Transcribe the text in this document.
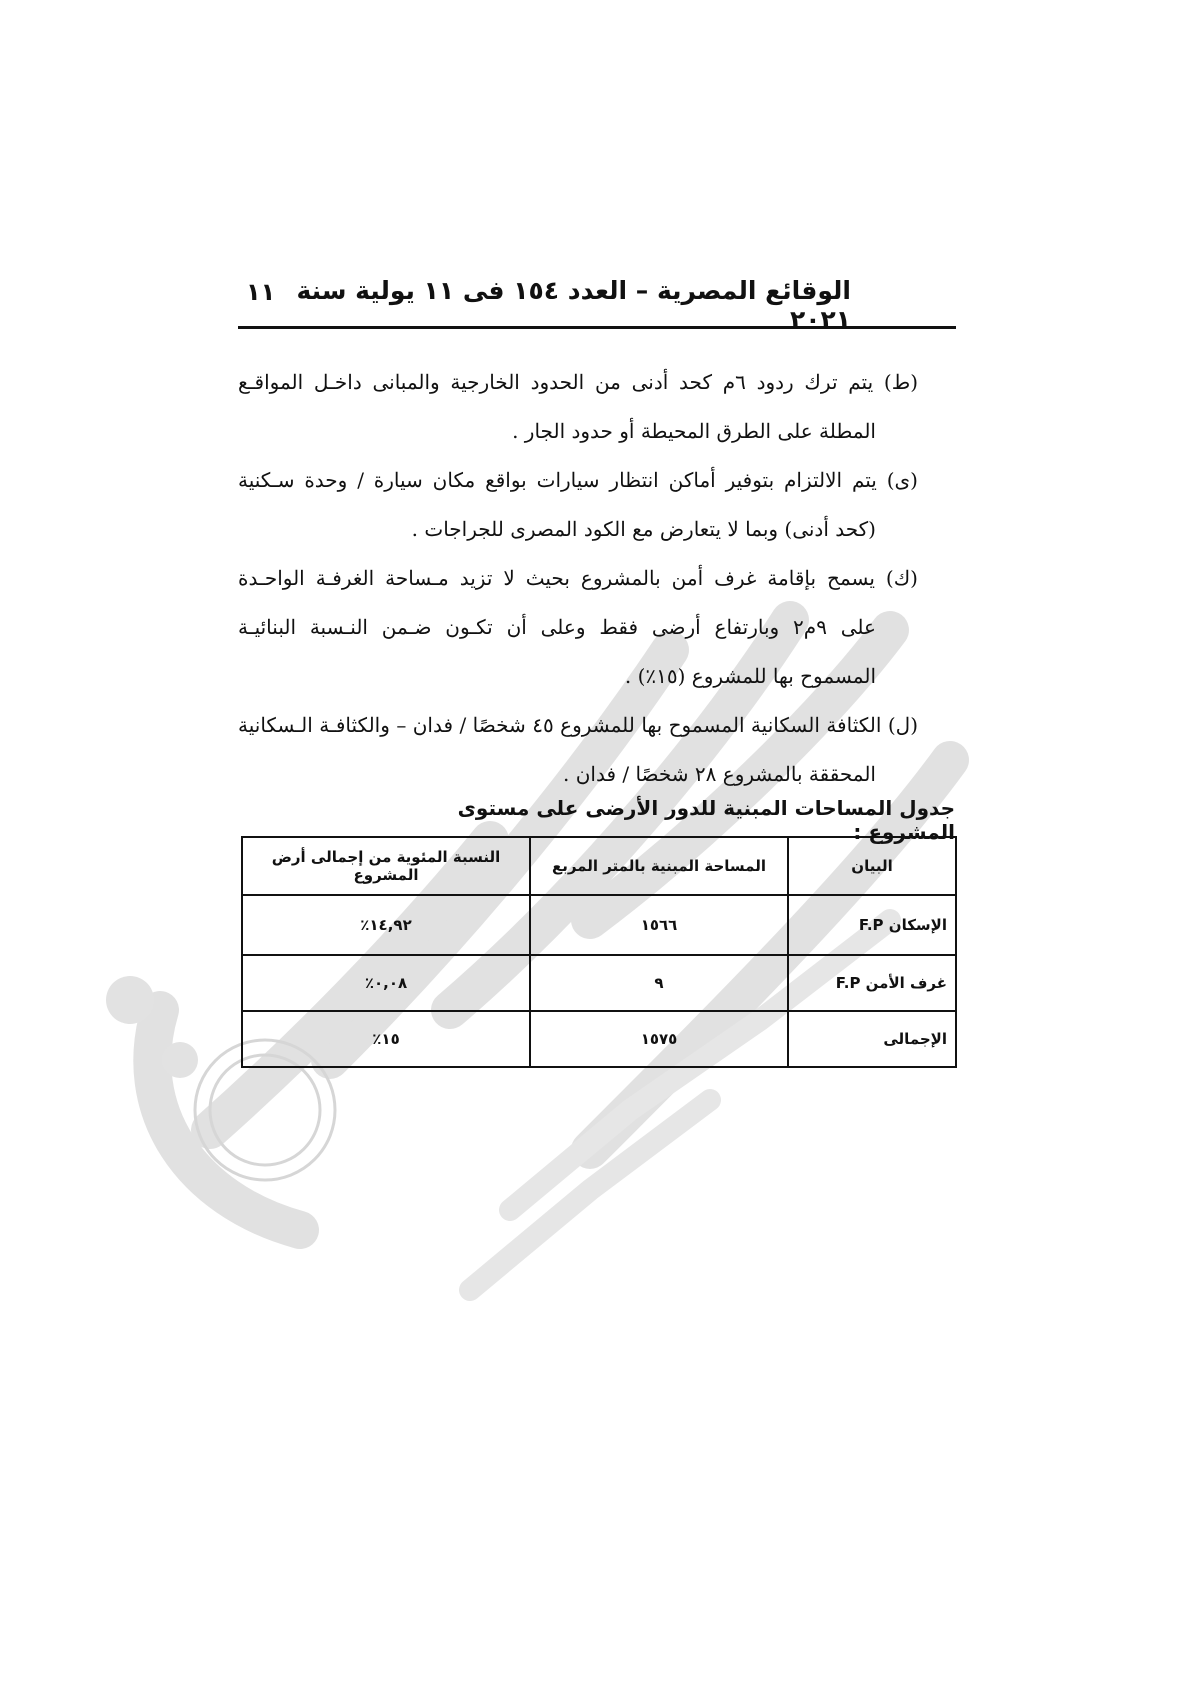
الوقائع المصرية – العدد ١٥٤ فى ١١ يولية سنة ٢٠٢١
١١
(ط) يتم ترك ردود ٦م كحد أدنى من الحدود الخارجية والمبانى داخـل المواقـع
المطلة على الطرق المحيطة أو حدود الجار .
(ى) يتم الالتزام بتوفير أماكن انتظار سيارات بواقع مكان سيارة / وحدة سـكنية
(كحد أدنى) وبما لا يتعارض مع الكود المصرى للجراجات .
(ك) يسمح بإقامة غرف أمن بالمشروع بحيث لا تزيد مـساحة الغرفـة الواحـدة
على ٩م٢ وبارتفاع أرضى فقط وعلى أن تكـون ضـمن النـسبة البنائيـة
المسموح بها للمشروع (١٥٪) .
(ل) الكثافة السكانية المسموح بها للمشروع ٤٥ شخصًا / فدان – والكثافـة الـسكانية
المحققة بالمشروع ٢٨ شخصًا / فدان .
جدول المساحات المبنية للدور الأرضى على مستوى المشروع :
البيان	المساحة المبنية بالمتر المربع	النسبة المئوية من إجمالى أرض المشروع
الإسكان F.P	١٥٦٦	١٤,٩٢٪
غرف الأمن F.P	٩	٠,٠٨٪
الإجمالى	١٥٧٥	١٥٪
